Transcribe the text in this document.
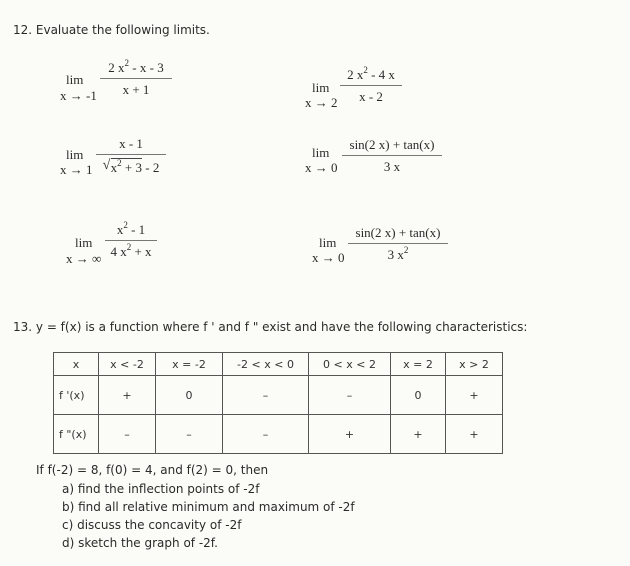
12. Evaluate the following limits.
lim
x → -1
2 $x^2$ - x - 3
x + 1	lim
x → 2
2 $x^2 - 4$ x
x - 2
lim
x → 1
x - 1
√ $x^2 + 3 - 2$
lim
x → 0
sin(2 x) + tan(x)
3 x
lim
x → ∞
$x^2 - 1$
4 $x^2 + x$
lim
x → 0
sin(2 x) + tan(x)
3 $x^2$
13. y = f(x) is a function where f ' and f " exist and have the following characteristics:
x	x < -2	x = -2	-2 < x < 0	0 < x < 2	x = 2	x > 2
f '(x)	+	0	–	–	0	+
f "(x)	–	–	–	+	+	+
If f(-2) = 8, f(0) = 4, and f(2) = 0, then
a) find the inflection points of -2f
b) find all relative minimum and maximum of -2f
c) discuss the concavity of -2f
d) sketch the graph of -2f.
